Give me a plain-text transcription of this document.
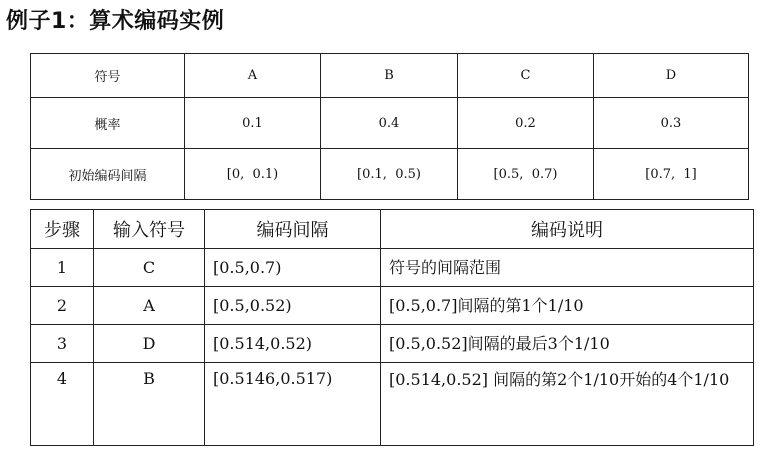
例子1：算术编码实例
符号	A	B	C	D
概率	0.1	0.4	0.2	0.3
初始编码间隔	[0,  0.1)	[0.1,  0.5)	[0.5,  0.7)	[0.7,  1]
步骤	输入符号	编码间隔	编码说明
1	C	[0.5,0.7)	符号的间隔范围
2	A	[0.5,0.52)	[0.5,0.7]间隔的第1个1/10
3	D	[0.514,0.52)	[0.5,0.52]间隔的最后3个1/10
4	B	[0.5146,0.517)	[0.514,0.52] 间隔的第2个1/10开始的4个1/10
